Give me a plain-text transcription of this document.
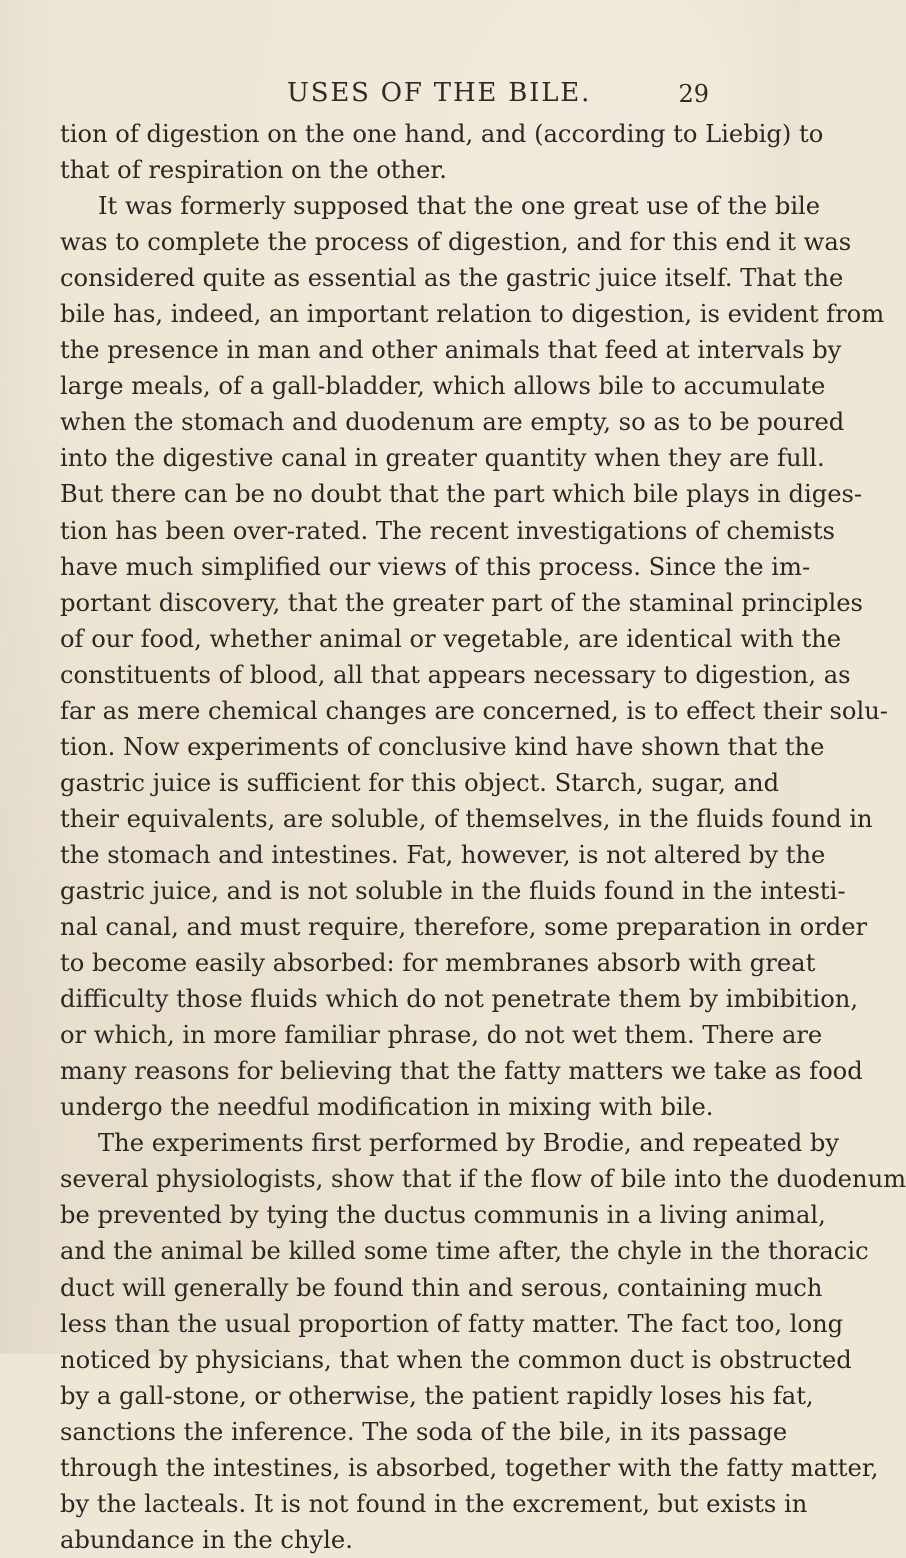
USES OF THE BILE.	29
tion of digestion on the one hand, and (according to Liebig) to
that of respiration on the other.
It was formerly supposed that the one great use of the bile
was to complete the process of digestion, and for this end it was
considered quite as essential as the gastric juice itself. That the
bile has, indeed, an important relation to digestion, is evident from
the presence in man and other animals that feed at intervals by
large meals, of a gall-bladder, which allows bile to accumulate
when the stomach and duodenum are empty, so as to be poured
into the digestive canal in greater quantity when they are full.
But there can be no doubt that the part which bile plays in diges-
tion has been over-rated. The recent investigations of chemists
have much simplified our views of this process. Since the im-
portant discovery, that the greater part of the staminal principles
of our food, whether animal or vegetable, are identical with the
constituents of blood, all that appears necessary to digestion, as
far as mere chemical changes are concerned, is to effect their solu-
tion. Now experiments of conclusive kind have shown that the
gastric juice is sufficient for this object. Starch, sugar, and
their equivalents, are soluble, of themselves, in the fluids found in
the stomach and intestines. Fat, however, is not altered by the
gastric juice, and is not soluble in the fluids found in the intesti-
nal canal, and must require, therefore, some preparation in order
to become easily absorbed: for membranes absorb with great
difficulty those fluids which do not penetrate them by imbibition,
or which, in more familiar phrase, do not wet them. There are
many reasons for believing that the fatty matters we take as food
undergo the needful modification in mixing with bile.
The experiments first performed by Brodie, and repeated by
several physiologists, show that if the flow of bile into the duodenum
be prevented by tying the ductus communis in a living animal,
and the animal be killed some time after, the chyle in the thoracic
duct will generally be found thin and serous, containing much
less than the usual proportion of fatty matter. The fact too, long
noticed by physicians, that when the common duct is obstructed
by a gall-stone, or otherwise, the patient rapidly loses his fat,
sanctions the inference. The soda of the bile, in its passage
through the intestines, is absorbed, together with the fatty matter,
by the lacteals. It is not found in the excrement, but exists in
abundance in the chyle.
